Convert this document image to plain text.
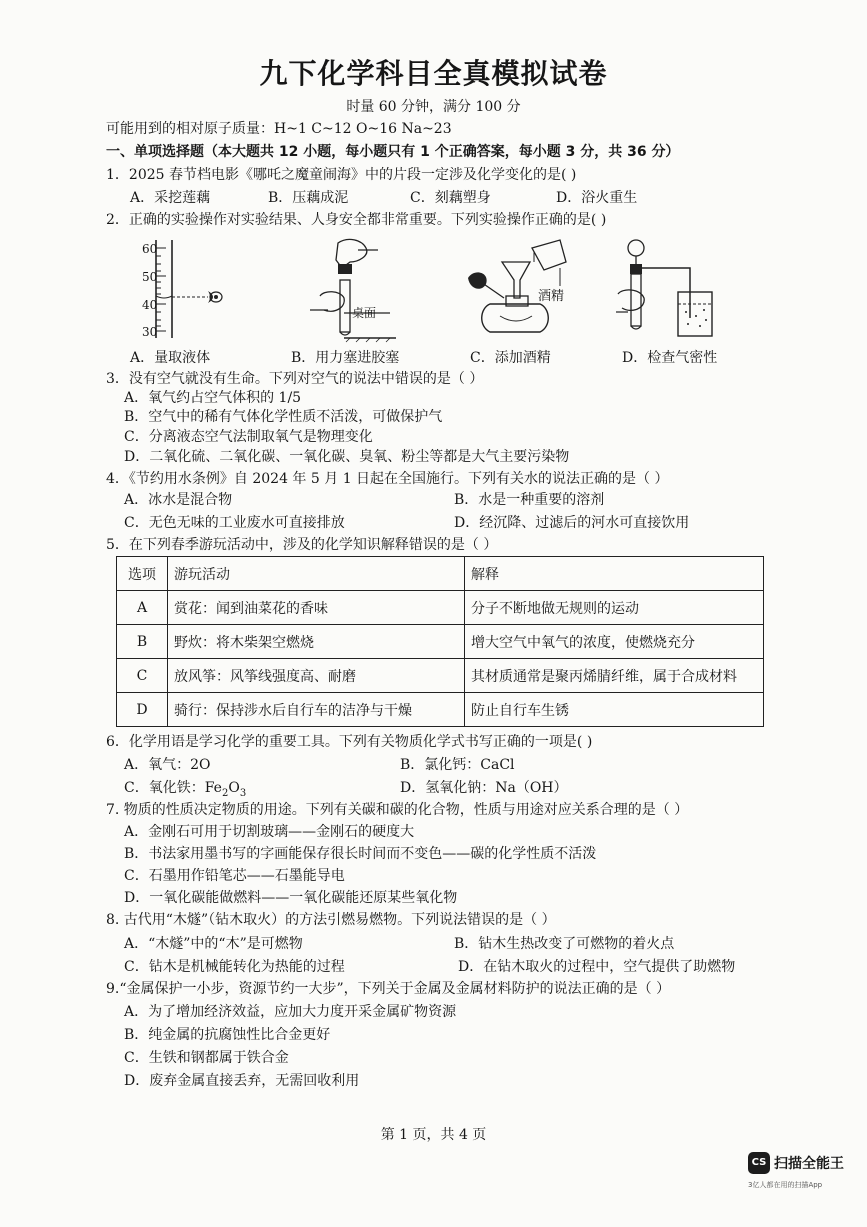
九下化学科目全真模拟试卷
时量 60 分钟，满分 100 分
可能用到的相对原子质量：H~1 C~12 O~16 Na~23
一、单项选择题（本大题共 12 小题，每小题只有 1 个正确答案，每小题 3 分，共 36 分）
1．2025 春节档电影《哪吒之魔童闹海》中的片段一定涉及化学变化的是( )
A．采挖莲藕	B．压藕成泥	C．刻藕塑身	D．浴火重生
2．正确的实验操作对实验结果、人身安全都非常重要。下列实验操作正确的是( )
60
50
40
30
桌面
酒精
A．量取液体	B．用力塞进胶塞	C．添加酒精	D．检查气密性
3．没有空气就没有生命。下列对空气的说法中错误的是（ ）
A．氧气约占空气体积的 1/5
B．空气中的稀有气体化学性质不活泼，可做保护气
C．分离液态空气法制取氧气是物理变化
D．二氧化硫、二氧化碳、一氧化碳、臭氧、粉尘等都是大气主要污染物
4．《节约用水条例》自 2024 年 5 月 1 日起在全国施行。下列有关水的说法正确的是（ ）
A．冰水是混合物	B．水是一种重要的溶剂
C．无色无味的工业废水可直接排放	D．经沉降、过滤后的河水可直接饮用
5．在下列春季游玩活动中，涉及的化学知识解释错误的是（ ）
选项	游玩活动	解释
A	赏花：闻到油菜花的香味	分子不断地做无规则的运动
B	野炊：将木柴架空燃烧	增大空气中氧气的浓度，使燃烧充分
C	放风筝：风筝线强度高、耐磨	其材质通常是聚丙烯腈纤维，属于合成材料
D	骑行：保持涉水后自行车的洁净与干燥	防止自行车生锈
6．化学用语是学习化学的重要工具。下列有关物质化学式书写正确的一项是( )
A．氧气：2O	B．氯化钙：CaCl
C．氧化铁：$Fe_2O_3$	D．氢氧化钠：Na（OH）
7. 物质的性质决定物质的用途。下列有关碳和碳的化合物，性质与用途对应关系合理的是（ ）
A．金刚石可用于切割玻璃——金刚石的硬度大
B．书法家用墨书写的字画能保存很长时间而不变色——碳的化学性质不活泼
C．石墨用作铅笔芯——石墨能导电
D．一氧化碳能做燃料——一氧化碳能还原某些氧化物
8. 古代用“木燧”（钻木取火）的方法引燃易燃物。下列说法错误的是（ ）
A．“木燧”中的“木”是可燃物	B．钻木生热改变了可燃物的着火点
C．钻木是机械能转化为热能的过程	D．在钻木取火的过程中，空气提供了助燃物
9.“金属保护一小步，资源节约一大步”，下列关于金属及金属材料防护的说法正确的是（ ）
A．为了增加经济效益，应加大力度开采金属矿物资源
B．纯金属的抗腐蚀性比合金更好
C．生铁和钢都属于铁合金
D．废弃金属直接丢弃，无需回收利用
第 1 页，共 4 页
CS 扫描全能王
3亿人都在用的扫描App
